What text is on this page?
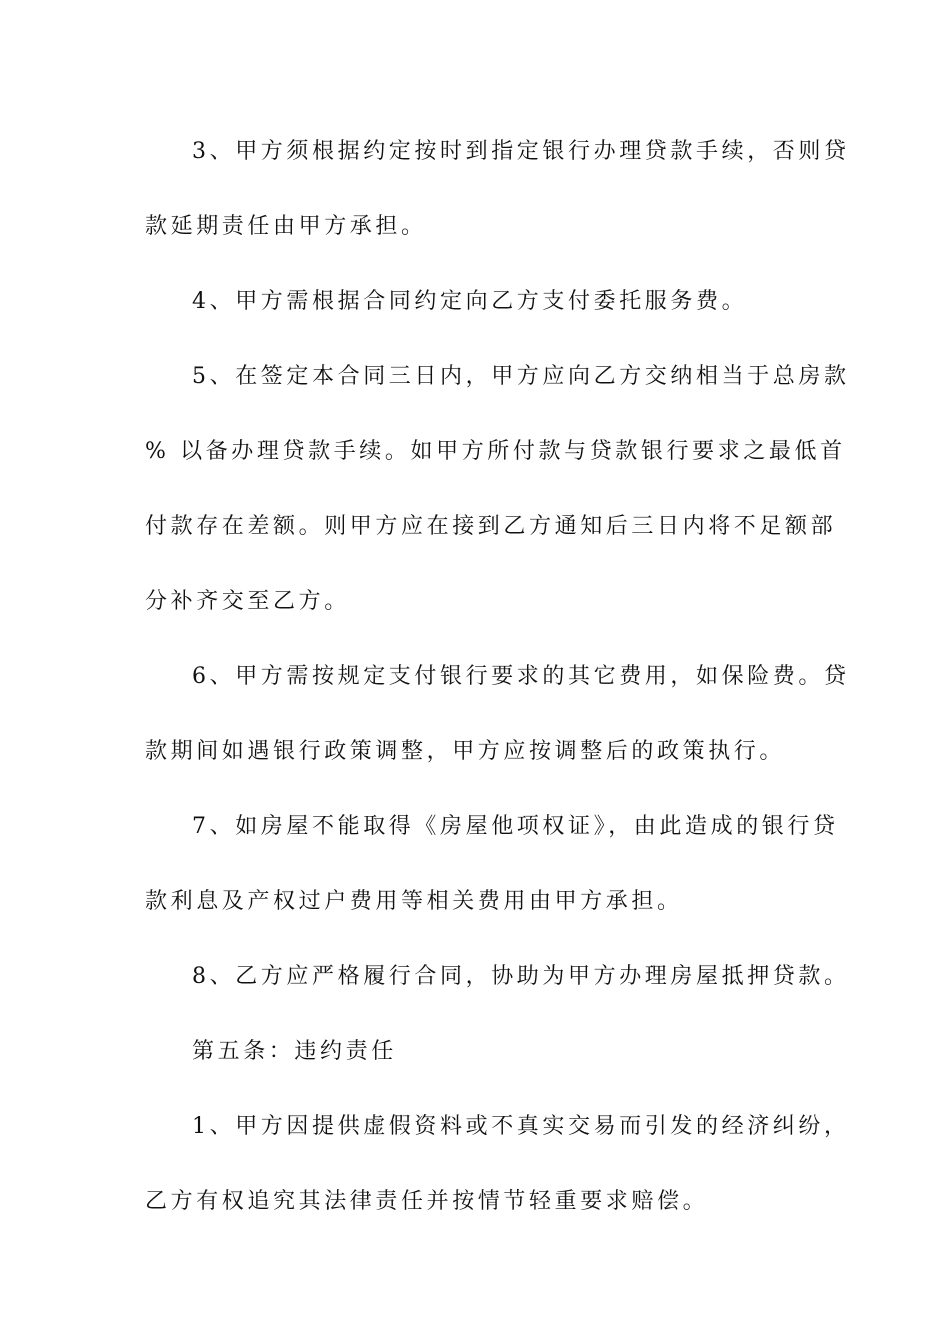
3、甲方须根据约定按时到指定银行办理贷款手续，否则贷
款延期责任由甲方承担。
4、甲方需根据合同约定向乙方支付委托服务费。
5、在签定本合同三日内，甲方应向乙方交纳相当于总房款
% 以备办理贷款手续。如甲方所付款与贷款银行要求之最低首
付款存在差额。则甲方应在接到乙方通知后三日内将不足额部
分补齐交至乙方。
6、甲方需按规定支付银行要求的其它费用，如保险费。贷
款期间如遇银行政策调整，甲方应按调整后的政策执行。
7、如房屋不能取得《房屋他项权证》，由此造成的银行贷
款利息及产权过户费用等相关费用由甲方承担。
8、乙方应严格履行合同，协助为甲方办理房屋抵押贷款。
第五条：违约责任
1、甲方因提供虚假资料或不真实交易而引发的经济纠纷，
乙方有权追究其法律责任并按情节轻重要求赔偿。
